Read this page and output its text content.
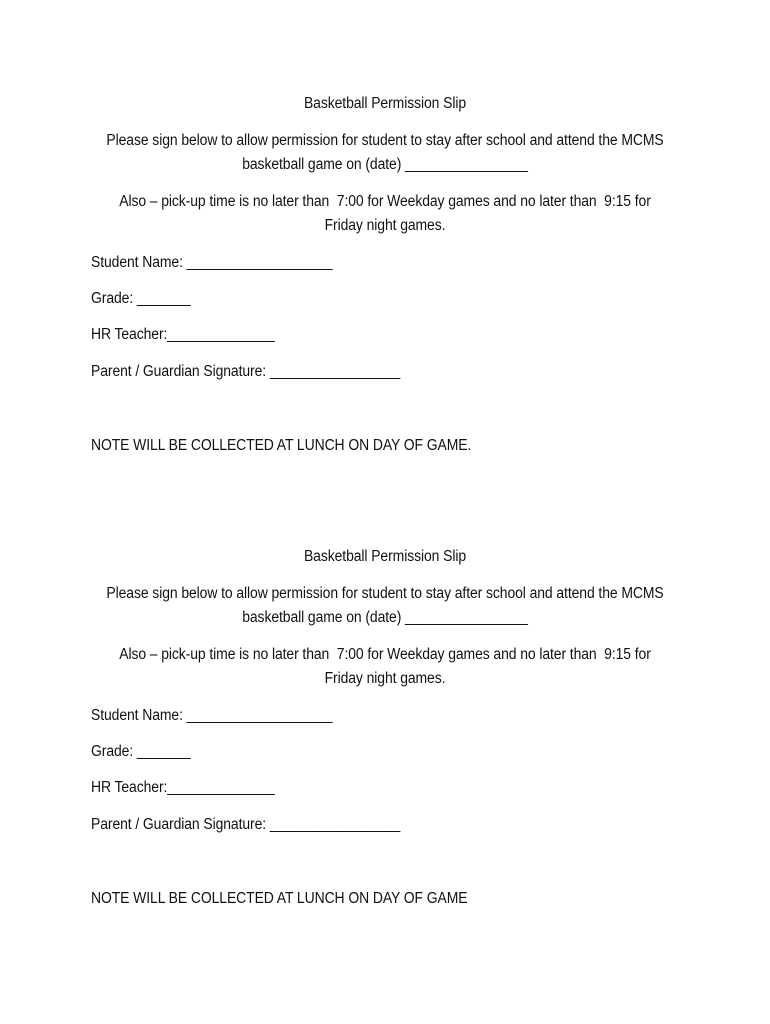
Basketball Permission Slip
Please sign below to allow permission for student to stay after school and attend the MCMS
basketball game on (date) ________________
Also – pick-up time is no later than  7:00 for Weekday games and no later than  9:15 for
Friday night games.
Student Name: ___________________
Grade: _______
HR Teacher:______________
Parent / Guardian Signature: _________________
NOTE WILL BE COLLECTED AT LUNCH ON DAY OF GAME.
Basketball Permission Slip
Please sign below to allow permission for student to stay after school and attend the MCMS
basketball game on (date) ________________
Also – pick-up time is no later than  7:00 for Weekday games and no later than  9:15 for
Friday night games.
Student Name: ___________________
Grade: _______
HR Teacher:______________
Parent / Guardian Signature: _________________
NOTE WILL BE COLLECTED AT LUNCH ON DAY OF GAME
